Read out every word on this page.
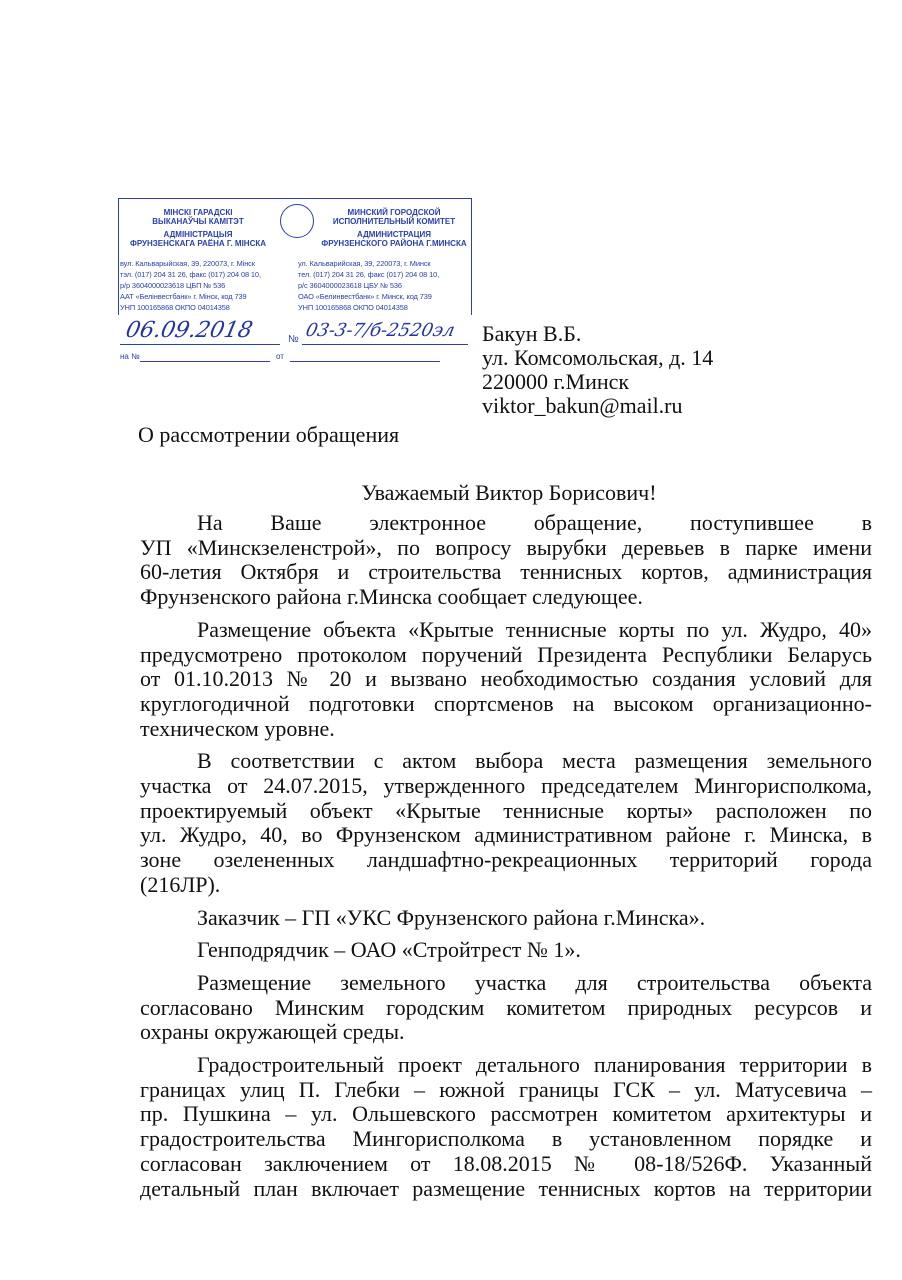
МІНСКІ ГАРАДСКІ
ВЫКАНАЎЧЫ КАМІТЭТ
АДМІНІСТРАЦЫЯ
ФРУНЗЕНСКАГА РАЁНА Г. МІНСКА
МИНСКИЙ ГОРОДСКОЙ
ИСПОЛНИТЕЛЬНЫЙ КОМИТЕТ
АДМИНИСТРАЦИЯ
ФРУНЗЕНСКОГО РАЙОНА Г.МИНСКА
вул. Кальварыйская, 39, 220073, г. Мінск
тэл. (017) 204 31 26, факс (017) 204 08 10,
р/р 3604000023618 ЦБП № 536
ААТ «Белінвестбанк» г. Мінск, код 739
УНП 100165868 ОКПО 04014358
ул. Кальварийская, 39, 220073, г. Минск
тел. (017) 204 31 26, факс (017) 204 08 10,
р/с 3604000023618 ЦБУ № 536
ОАО «Белинвестбанк» г. Минск, код 739
УНП 100165868 ОКПО 04014358
06.09.2018	№ 03-3-7/б-2520эл
на №	от
Бакун В.Б.
ул. Комсомольская, д. 14
220000 г.Минск
viktor_bakun@mail.ru
О рассмотрении обращения
Уважаемый Виктор Борисович!
На Ваше электронное обращение, поступившее в
УП «Минскзеленстрой», по вопросу вырубки деревьев в парке имени
60-летия Октября и строительства теннисных кортов, администрация
Фрунзенского района г.Минска сообщает следующее.
Размещение объекта «Крытые теннисные корты по ул. Жудро, 40»
предусмотрено протоколом поручений Президента Республики Беларусь
от 01.10.2013 № 20 и вызвано необходимостью создания условий для
круглогодичной подготовки спортсменов на высоком организационно-
техническом уровне.
В соответствии с актом выбора места размещения земельного
участка от 24.07.2015, утвержденного председателем Мингорисполкома,
проектируемый объект «Крытые теннисные корты» расположен по
ул. Жудро, 40, во Фрунзенском административном районе г. Минска, в
зоне озелененных ландшафтно-рекреационных территорий города
(216ЛР).
Заказчик – ГП «УКС Фрунзенского района г.Минска».
Генподрядчик – ОАО «Стройтрест № 1».
Размещение земельного участка для строительства объекта
согласовано Минским городским комитетом природных ресурсов и
охраны окружающей среды.
Градостроительный проект детального планирования территории в
границах улиц П. Глебки – южной границы ГСК – ул. Матусевича –
пр. Пушкина – ул. Ольшевского рассмотрен комитетом архитектуры и
градостроительства Мингорисполкома в установленном порядке и
согласован заключением от 18.08.2015 № 08-18/526Ф. Указанный
детальный план включает размещение теннисных кортов на территории
